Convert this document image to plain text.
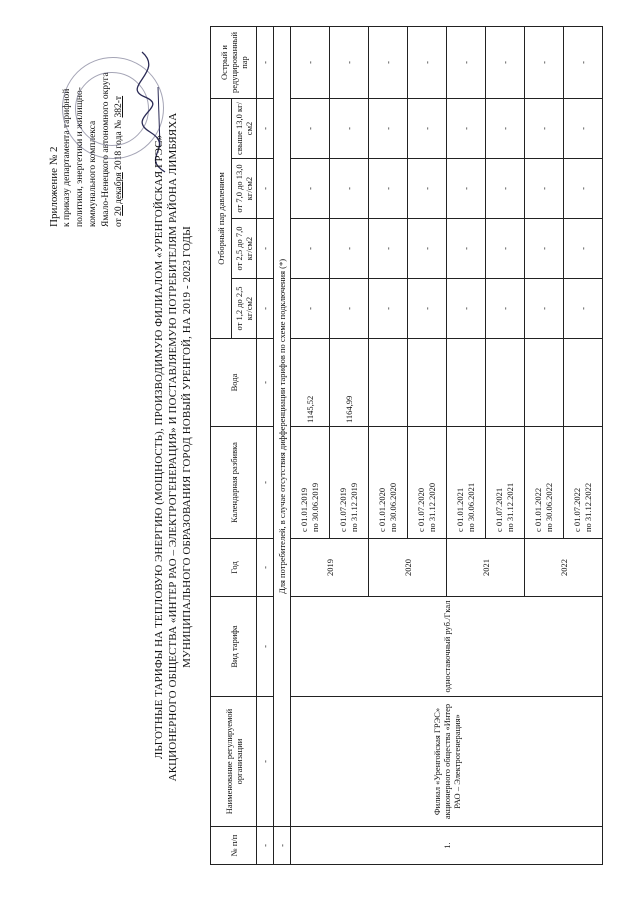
Приложение № 2 к приказу департамента тарифной политики, энергетики и жилищно- коммунального комплекса Ямало-Ненецкого автономного округа от 20 декабря 2018 года № 382-т
ЛЬГОТНЫЕ ТАРИФЫ НА ТЕПЛОВУЮ ЭНЕРГИЮ (МОЩНОСТЬ), ПРОИЗВОДИМУЮ ФИЛИАЛОМ «УРЕНГОЙСКАЯ ГРЭС» АКЦИОНЕРНОГО ОБЩЕСТВА «ИНТЕР РАО – ЭЛЕКТРОГЕНЕРАЦИЯ» И ПОСТАВЛЯЕМУЮ ПОТРЕБИТЕЛЯМ РАЙОНА ЛИМБЯЯХА МУНИЦИПАЛЬНОГО ОБРАЗОВАНИЯ ГОРОД НОВЫЙ УРЕНГОЙ, НА 2019 - 2023 ГОДЫ
№ п/п	Наименование регулируемой организации	Вид тарифа	Год	Календарная разбивка	Вода	Отборный пар давлением				Острый и редуцированный пар
						от 1,2 до 2,5 кг/см2	от 2,5 до 7,0 кг/см2	от 7,0 до 13,0 кг/см2	свыше 13,0 кг/см2	
-	-	-	-	-	-	-	-	-	-	-
-	Для потребителей, в случае отсутствия дифференциации тарифов по схеме подключения (*)									
1.	Филиал «Уренгойская ГРЭС» акционерного общества «Интер РАО – Электрогенерация»	одноставочный руб./Гкал	2019	с 01.01.2019 по 30.06.2019	1145,52	-	-	-	-	-

				с 01.07.2019 по 31.12.2019	1164,99	-	-	-	-	-
			2020	с 01.01.2020 по 30.06.2020		-	-	-	-	-

				с 01.07.2020 по 31.12.2020		-	-	-	-	-
			2021	с 01.01.2021 по 30.06.2021		-	-	-	-	-

				с 01.07.2021 по 31.12.2021		-	-	-	-	-
			2022	с 01.01.2022 по 30.06.2022		-	-	-	-	-

				с 01.07.2022 по 31.12.2022		-	-	-	-	-
